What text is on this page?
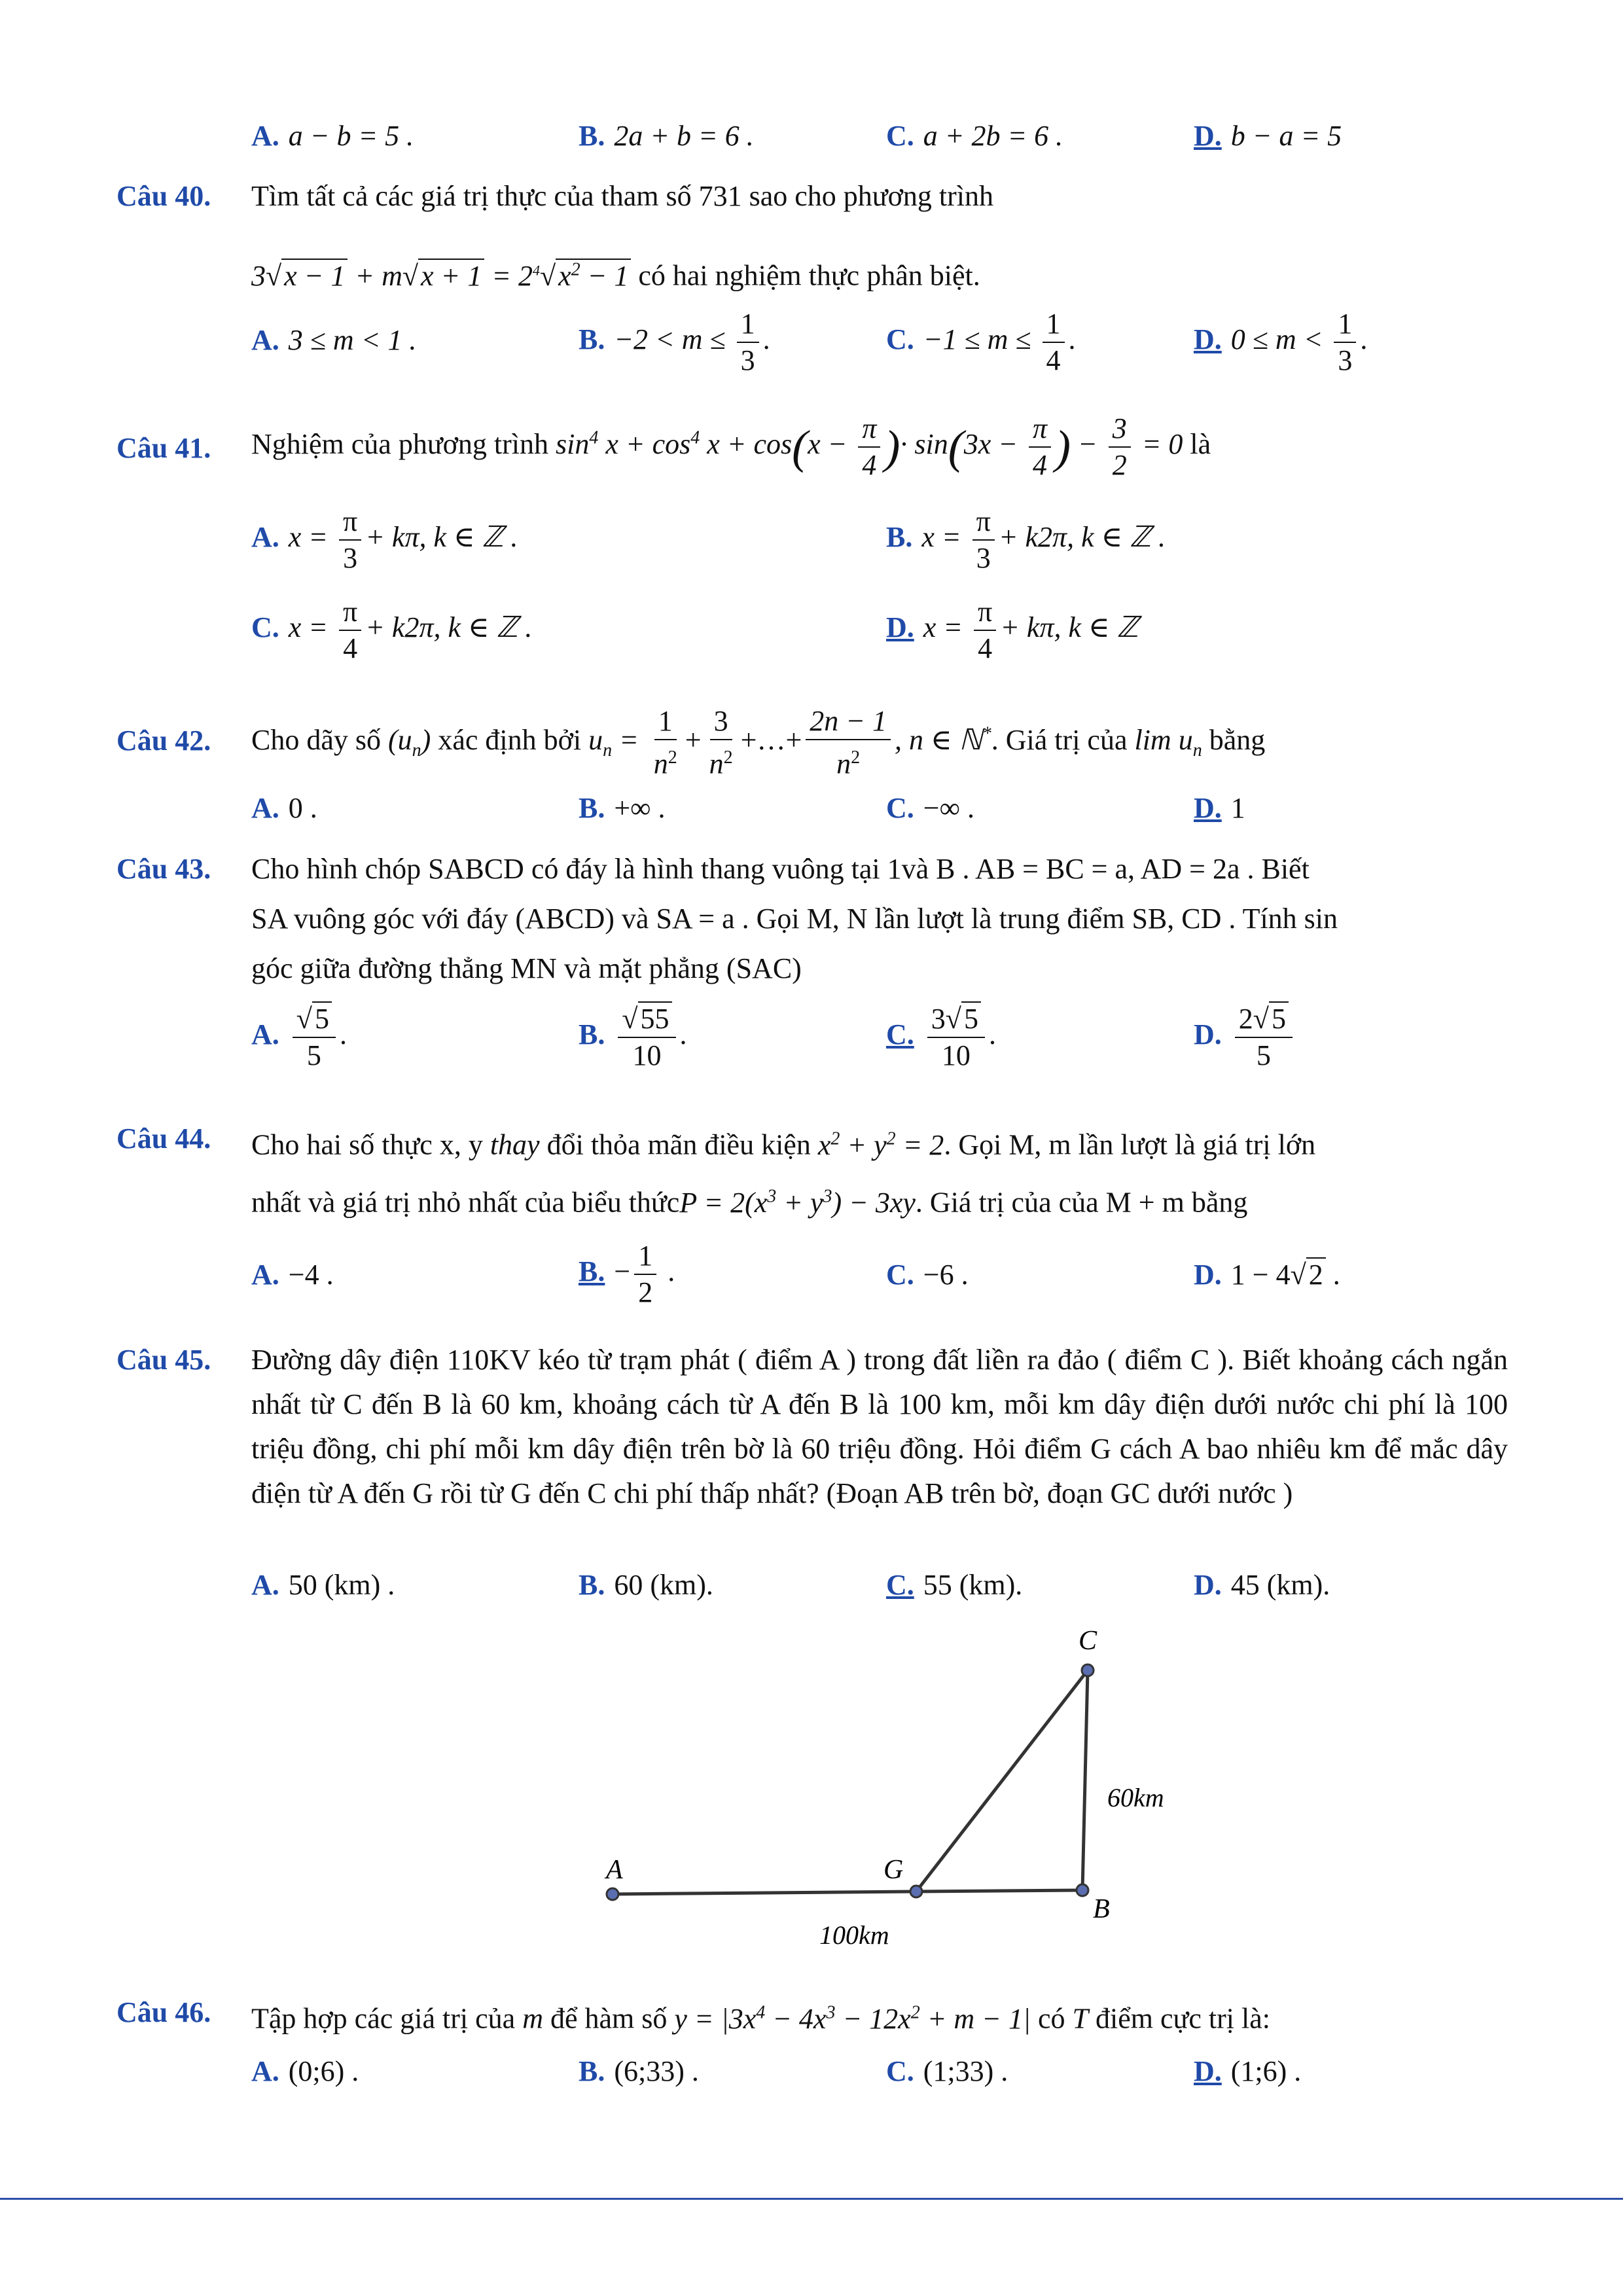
A. a − b = 5 .	B. 2a + b = 6 .	C. a + 2b = 6 .	D. b − a = 5
Câu 40. Tìm tất cả các giá trị thực của tham số 731 sao cho phương trình
$3√x - 1 + m√x + 1 = 2^4√x^2 - 1$ có hai nghiệm thực phân biệt.
A. 3 ≤ m < 1 .	B. $-2 < m \le \frac{1}{3}$ .	C. $-1 \le m \le \frac{1}{4}$ .	D. $0 \le m < \frac{1}{3}$ .
Câu 41. Nghiệm của phương trình $\sin^4 x + \cos^4 x + \cos(x - \frac{\pi}{4}$ )· $\sin(3x - \frac{\pi}{4}$ ) − $\frac{3}{2} = 0$ là
A. $x = \frac{\pi}{3} + k\pi$, k ∈ ℤ .	B. $x = \frac{\pi}{3} + k2\pi$, k ∈ ℤ .
C. $x = \frac{\pi}{4} + k2\pi$, k ∈ ℤ .	D. $x = \frac{\pi}{4} + k\pi$, k ∈ ℤ
Câu 42. Cho dãy số $(u_n)$ xác định bởi $u_n = \frac{1}{n^2} + \frac{3}{n^2}$ +…+ $\frac{2n - 1}{n^2}$ , n ∈ ℕ*. Giá trị của $\lim u_n$ bằng
A. 0 .	B. +∞ .	C. −∞ .	D. 1
Câu 43. Cho hình chóp SABCD có đáy là hình thang vuông tại 1và B . AB = BC = a, AD = 2a . Biết
SA vuông góc với đáy (ABCD) và SA = a . Gọi M, N lần lượt là trung điểm SB, CD . Tính sin
góc giữa đường thẳng MN và mặt phẳng (SAC)
A. $\frac{√5}{5}$ .	B. $\frac{√55}{10}$ .	C. $\frac{3√5}{10}$ .	D. $\frac{2√5}{5}$
Câu 44. Cho hai số thực x, y thay đổi thỏa mãn điều kiện $x^2 + y^2 = 2$. Gọi M, m lần lượt là giá trị lớn
nhất và giá trị nhỏ nhất của biểu thứcP = $2(x^3 + y^3) - 3xy$. Giá trị của của M + m bằng
A. −4 .	B. − $\frac{1}{2}$ .	C. −6 .	D. 1 − 4√2 .
Câu 45. Đường dây điện 110KV kéo từ trạm phát ( điểm A ) trong đất liền ra đảo ( điểm C ). Biết khoảng cách ngắn nhất từ C đến B là 60 km, khoảng cách từ A đến B là 100 km, mỗi km dây điện dưới nước chi phí là 100 triệu đồng, chi phí mỗi km dây điện trên bờ là 60 triệu đồng. Hỏi điểm G cách A bao nhiêu km để mắc dây điện từ A đến G rồi từ G đến C chi phí thấp nhất? (Đoạn AB trên bờ, đoạn GC dưới nước )
A. 50 (km) .	B. 60 (km).	C. 55 (km).	D. 45 (km).
A	G
B
C
60km
100km
Câu 46. Tập hợp các giá trị của m để hàm số $y = |3x^4 - 4x^3 - 12x^2 + m - 1|$ có T điểm cực trị là:
A. (0;6) .	B. (6;33) .	C. (1;33) .	D. (1;6) .
